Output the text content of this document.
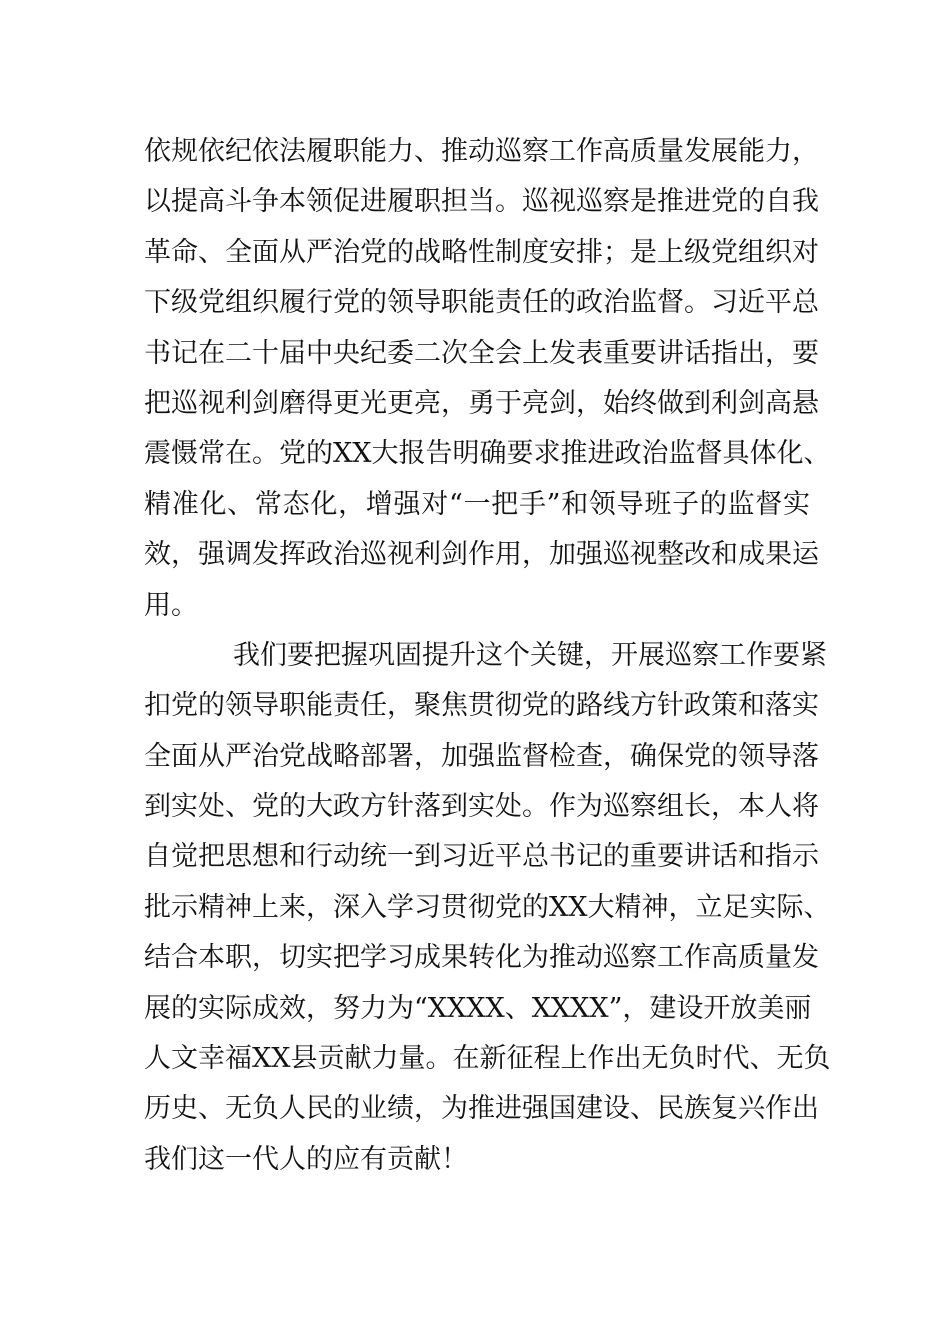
依规依纪依法履职能力、推动巡察工作高质量发展能力，
以提高斗争本领促进履职担当。巡视巡察是推进党的自我
革命、全面从严治党的战略性制度安排；是上级党组织对
下级党组织履行党的领导职能责任的政治监督。习近平总
书记在二十届中央纪委二次全会上发表重要讲话指出，要
把巡视利剑磨得更光更亮，勇于亮剑，始终做到利剑高悬
震慑常在。党的XX大报告明确要求推进政治监督具体化、
精准化、常态化，增强对“一把手”和领导班子的监督实
效，强调发挥政治巡视利剑作用，加强巡视整改和成果运
用。
我们要把握巩固提升这个关键，开展巡察工作要紧
扣党的领导职能责任，聚焦贯彻党的路线方针政策和落实
全面从严治党战略部署，加强监督检查，确保党的领导落
到实处、党的大政方针落到实处。作为巡察组长，本人将
自觉把思想和行动统一到习近平总书记的重要讲话和指示
批示精神上来，深入学习贯彻党的XX大精神，立足实际、
结合本职，切实把学习成果转化为推动巡察工作高质量发
展的实际成效，努力为“XXXX、XXXX”，建设开放美丽
人文幸福XX县贡献力量。在新征程上作出无负时代、无负
历史、无负人民的业绩，为推进强国建设、民族复兴作出
我们这一代人的应有贡献！
